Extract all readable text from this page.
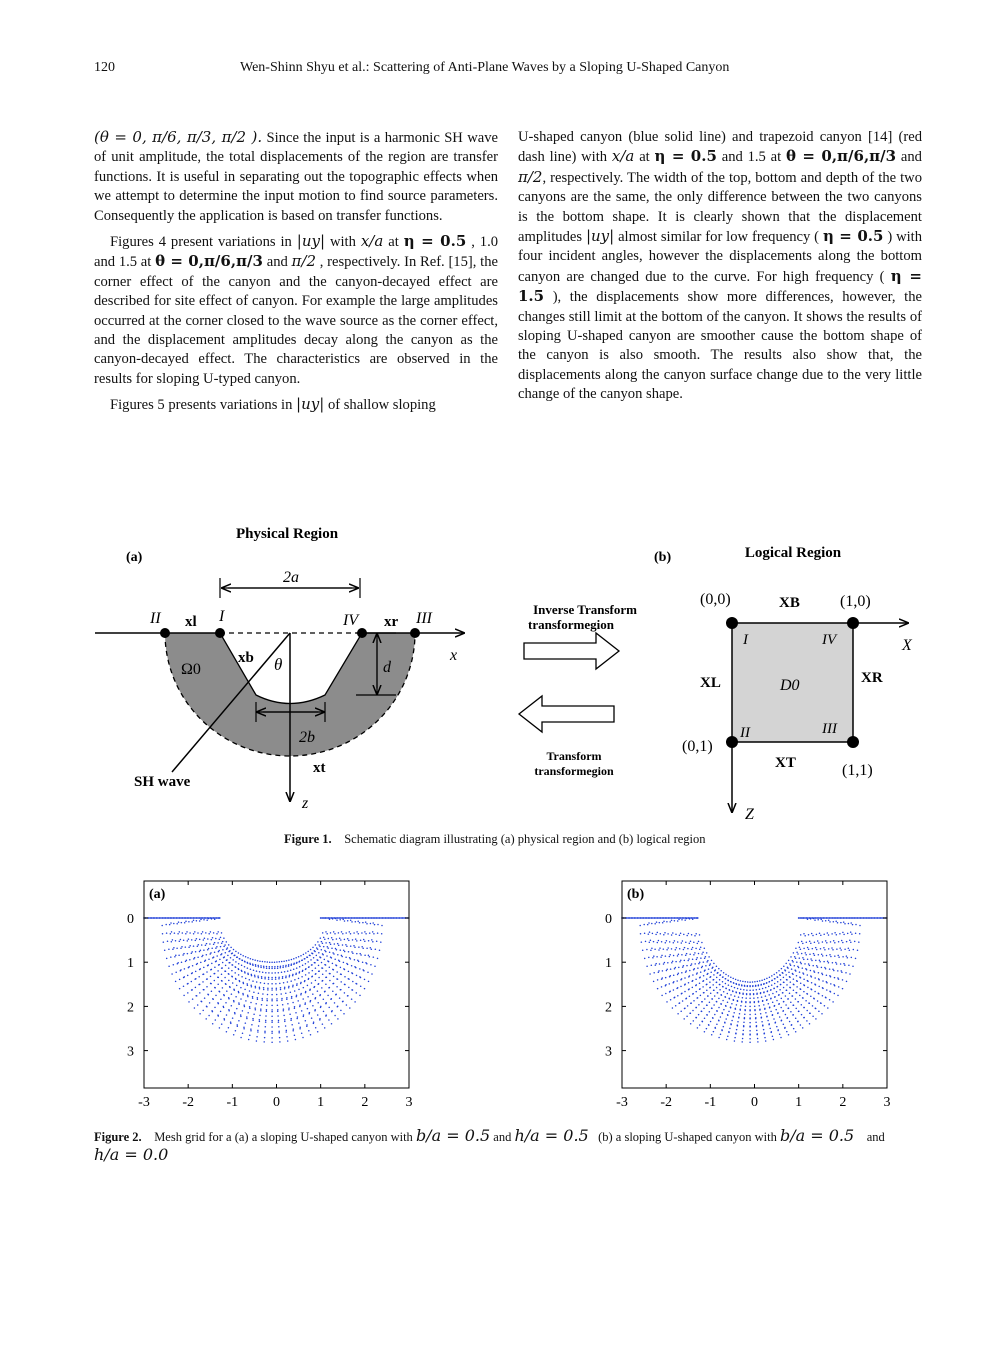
120	Wen-Shinn Shyu et al.: Scattering of Anti-Plane Waves by a Sloping U-Shaped Canyon

(θ = 0, π/6, π/3, π/2 ). Since the input is a harmonic SH wave of unit amplitude, the total displacements of the region are transfer functions. It is useful in separating out the topographic effects when we attempt to determine the input motion to find source parameters. Consequently the application is based on transfer functions.

Figures 4 present variations in |uy| with x/a at η = 0.5 , 1.0 and 1.5 at θ = 0,π/6,π/3 and π/2 , respectively. In Ref. [15], the corner effect of the canyon and the canyon-decayed effect are described for site effect of canyon. For example the large amplitudes occurred at the corner closed to the wave source as the corner effect, and the displacement amplitudes decay along the canyon as the canyon-decayed effect. The characteristics are observed in the results for sloping U-typed canyon.

Figures 5 presents variations in |uy| of shallow sloping

U-shaped canyon (blue solid line) and trapezoid canyon [14] (red dash line) with x/a at η = 0.5 and 1.5 at θ = 0,π/6,π/3 and π/2, respectively. The width of the top, bottom and depth of the two canyons are the same, the only difference between the two canyons is the bottom shape. It is clearly shown that the displacement amplitudes |uy| almost similar for low frequency ( η = 0.5 ) with four incident angles, however the displacements along the bottom canyon are changed due to the curve. For high frequency ( η = 1.5 ), the displacements show more differences, however, the changes still limit at the bottom of the canyon. It shows the results of sloping U-shaped canyon are smoother cause the bottom shape of the canyon is also smooth. The results also show that, the displacements along the canyon surface change due to the very little change of the canyon shape.

Physical Region
(a)
2a
d
2b
II	I	IV	III
xl	xr
xb
xt
θ
Ω0
x
z
SH wave
Inverse Transform
transformegion
Transform
transformegion
(b)	Logical Region
(0,0)	(1,0)
(0,1)
(1,1)
XB
XL	XR
XT
D0
I	IV
II	III
X
Z
Figure 1. Schematic diagram illustrating (a) physical region and (b) logical region
-3 -2 -1 0	1	2	3
0
1
2
3
(a)
-3 -2 -1 0	1	2	3
0
1
2
3
(b)
Figure 2. Mesh grid for a (a) a sloping U-shaped canyon with b/a = 0.5 and h/a = 0.5   (b) a sloping U-shaped canyon with b/a = 0.5    and
h/a = 0.0
